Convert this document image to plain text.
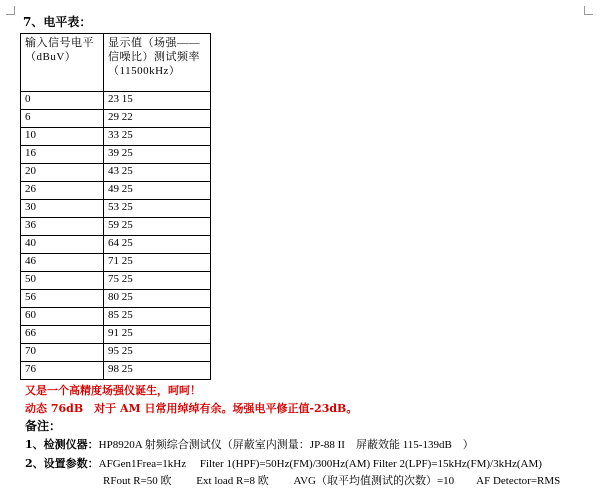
7、电平表：
输入信号电平（dBuV）	显示值（场强——信噪比）测试频率（11500kHz）
0	23 15
6	29 22
10	33 25
16	39 25
20	43 25
26	49 25
30	53 25
36	59 25
40	64 25
46	71 25
50	75 25
56	80 25
60	85 25
66	91 25
70	95 25
76	98 25
又是一个高精度场强仪诞生，呵呵！
动态 76dB　对于 AM 日常用绰绰有余。场强电平修正值-23dB。
备注：
1、检测仪器：HP8920A 射频综合测试仪（屏蔽室内测量：JP-88 II　屏蔽效能 115-139dB　）
2、设置参数：AFGen1Frea=1kHz　 Filter 1(HPF)=50Hz(FM)/300Hz(AM) Filter 2(LPF)=15kHz(FM)/3kHz(AM)
RFout R=50 欧　　 Ext load R=8 欧　　 AVG（取平均值测试的次数）=10　　AF Detector=RMS
